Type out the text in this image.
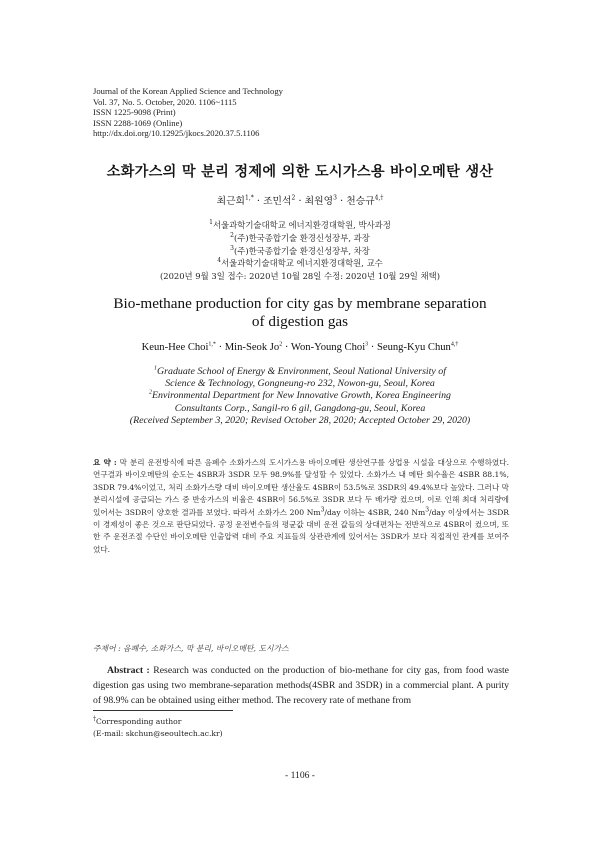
Journal of the Korean Applied Science and Technology
Vol. 37, No. 5. October, 2020. 1106~1115
ISSN 1225-9098 (Print)
ISSN 2288-1069 (Online)
http://dx.doi.org/10.12925/jkocs.2020.37.5.1106
소화가스의 막 분리 정제에 의한 도시가스용 바이오메탄 생산
최근희$^{1,*}$ · 조민석$^2$ · 최원영$^3$ · 천승규$^{4,\dagger}$
$^1$서울과학기술대학교 에너지환경대학원, 박사과정
$^2$(주)한국종합기술 환경신성장부, 과장
$^3$(주)한국종합기술 환경신성장부, 차장
$^4$서울과학기술대학교 에너지환경대학원, 교수
(2020년 9월 3일 접수: 2020년 10월 28일 수정: 2020년 10월 29일 채택)
Bio-methane production for city gas by membrane separation
of digestion gas
Keun-Hee Choi$^{1,*}$ · Min-Seok $Jo^2$ · Won-Young Choi$^3$ · Seung-Kyu Chun$^{4,\dagger}$
$^1$Graduate School of Energy & Environment, Seoul National University of
Science & Technology, Gongneung-ro 232, Nowon-gu, Seoul, Korea
$^2$Environmental Department for New Innovative Growth, Korea Engineering
Consultants Corp., Sangil-ro 6 gil, Gangdong-gu, Seoul, Korea
(Received September 3, 2020; Revised October 28, 2020; Accepted October 29, 2020)
요 약 : 막 분리 운전방식에 따른 음폐수 소화가스의 도시가스용 바이오메탄 생산연구를 상업용 시설을 대상으로 수행하였다. 연구결과 바이오메탄의 순도는 4SBR과 3SDR 모두 98.9%를 달성할 수 있었다. 소화가스 내 메탄 회수율은 4SBR 88.1%, 3SDR 79.4%이었고, 처리 소화가스량 대비 바이오메탄 생산율도 4SBR이 53.5%로 3SDR의 49.4%보다 높았다. 그러나 막 분리시설에 공급되는 가스 중 반송가스의 비율은 4SBR이 56.5%로 3SDR 보다 두 배가량 컸으며, 이로 인해 최대 처리량에 있어서는 3SDR이 양호한 결과를 보였다. 따라서 소화가스 200 Nm$^3$/day 이하는 4SBR, 240 Nm$^3$/day 이상에서는 3SDR이 경제성이 좋은 것으로 판단되었다. 공정 운전변수들의 평균값 대비 운전 값들의 상대편차는 전반적으로 4SBR이 컸으며, 또한 주 운전조절 수단인 바이오메탄 인출압력 대비 주요 지표들의 상관관계에 있어서는 3SDR가 보다 직접적인 관계를 보여주었다.
주제어 : 음폐수, 소화가스, 막 분리, 바이오메탄, 도시가스
Abstract : Research was conducted on the production of bio-methane for city gas, from food waste digestion gas using two membrane-separation methods(4SBR and 3SDR) in a commercial plant. A purity of 98.9% can be obtained using either method. The recovery rate of methane from
†Corresponding author
(E-mail: skchun@seoultech.ac.kr)
- 1106 -
